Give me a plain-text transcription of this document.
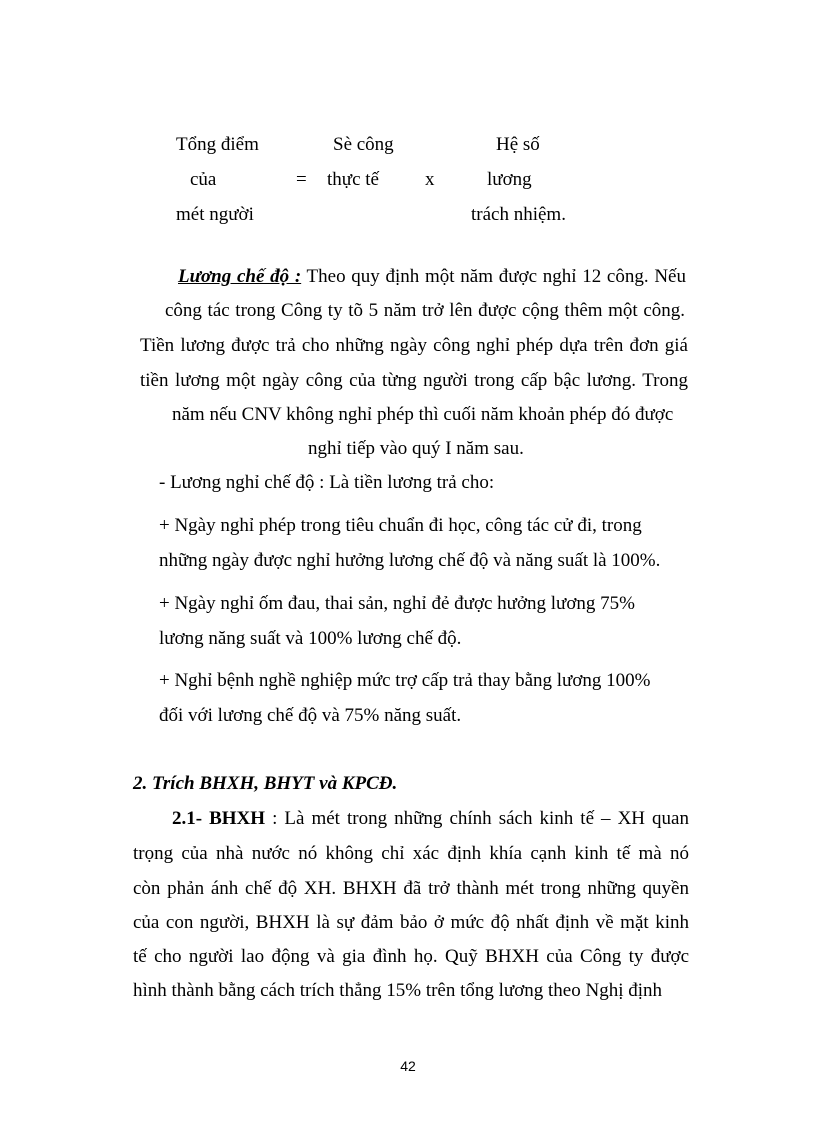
Tổng điểm
của
mét người
=
Sè công
thực tế x
Hệ số
lương
trách nhiệm.
Lương chế độ : Theo quy định một năm được nghỉ 12 công. Nếu
công tác trong Công ty tõ 5 năm trở lên được cộng thêm một công.
Tiền lương được trả cho những ngày công nghỉ phép dựa trên đơn giá
tiền lương một ngày công của từng người trong cấp bậc lương. Trong
năm nếu CNV không nghỉ phép thì cuối năm khoản phép đó được
nghỉ tiếp vào quý I năm sau.
- Lương nghỉ chế độ : Là tiền lương trả cho:
+ Ngày nghỉ phép trong tiêu chuẩn đi học, công tác cử đi, trong
những ngày được nghỉ hưởng lương chế độ và năng suất là 100%.
+ Ngày nghỉ ốm đau, thai sản, nghỉ đẻ được hưởng lương 75%
lương năng suất và 100% lương chế độ.
+ Nghỉ bệnh nghề nghiệp mức trợ cấp trả thay bằng lương 100%
đối với lương chế độ và 75% năng suất.
2. Trích BHXH, BHYT và KPCĐ.
2.1- BHXH : Là mét trong những chính sách kinh tế – XH quan
trọng của nhà nước nó không chỉ xác định khía cạnh kinh tế mà nó
còn phản ánh chế độ XH. BHXH đã trở thành mét trong những quyền
của con người, BHXH là sự đảm bảo ở mức độ nhất định về mặt kinh
tế cho người lao động và gia đình họ. Quỹ BHXH của Công ty được
hình thành bằng cách trích thẳng 15% trên tổng lương theo Nghị định
42
